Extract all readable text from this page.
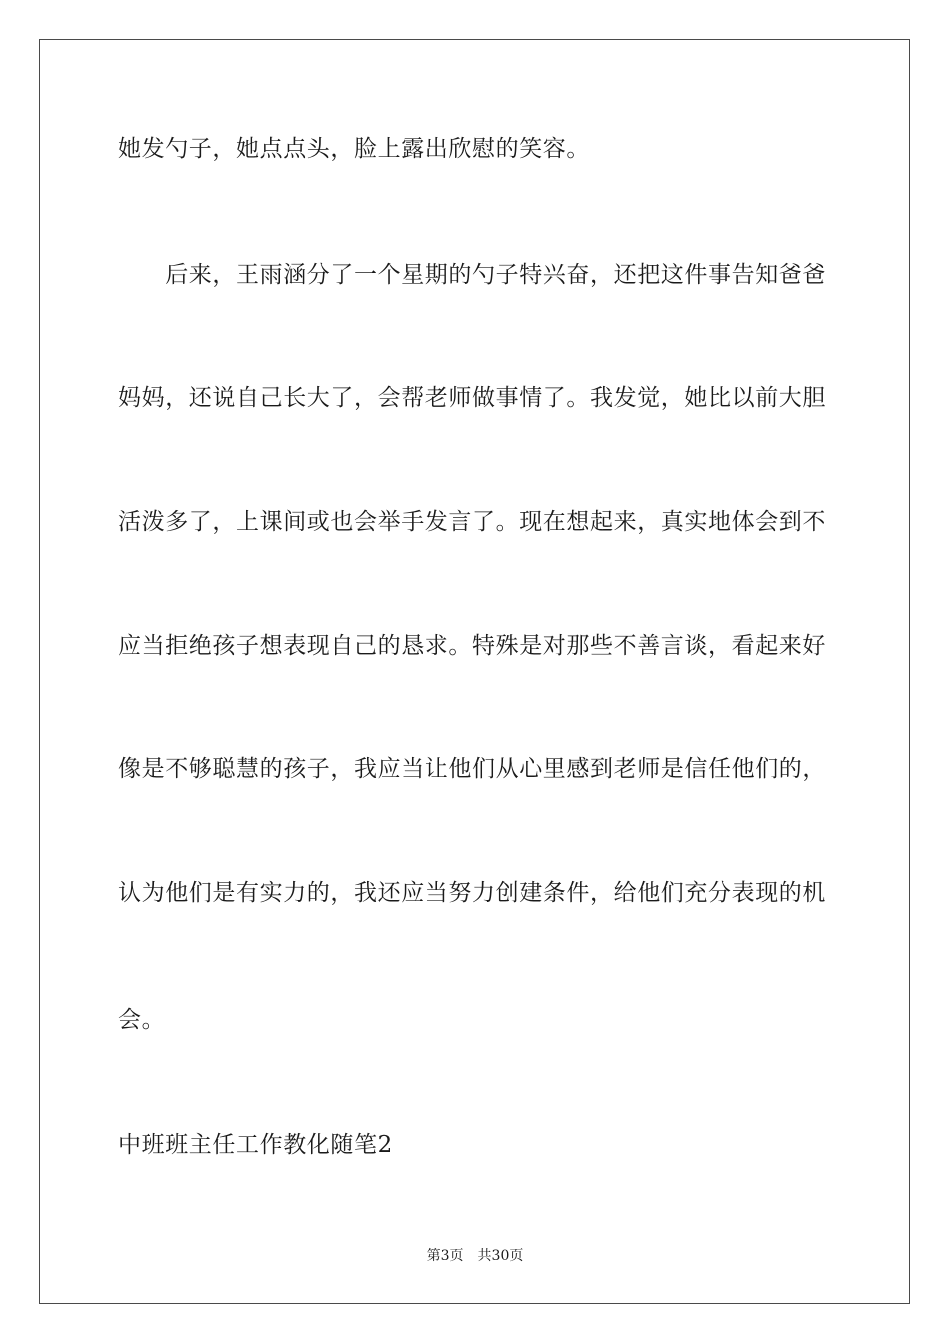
她发勺子，她点点头，脸上露出欣慰的笑容。
　　后来，王雨涵分了一个星期的勺子特兴奋，还把这件事告知爸爸
妈妈，还说自己长大了，会帮老师做事情了。我发觉，她比以前大胆
活泼多了，上课间或也会举手发言了。现在想起来，真实地体会到不
应当拒绝孩子想表现自己的恳求。特殊是对那些不善言谈，看起来好
像是不够聪慧的孩子，我应当让他们从心里感到老师是信任他们的，
认为他们是有实力的，我还应当努力创建条件，给他们充分表现的机
会。
中班班主任工作教化随笔2
第3页　共30页
